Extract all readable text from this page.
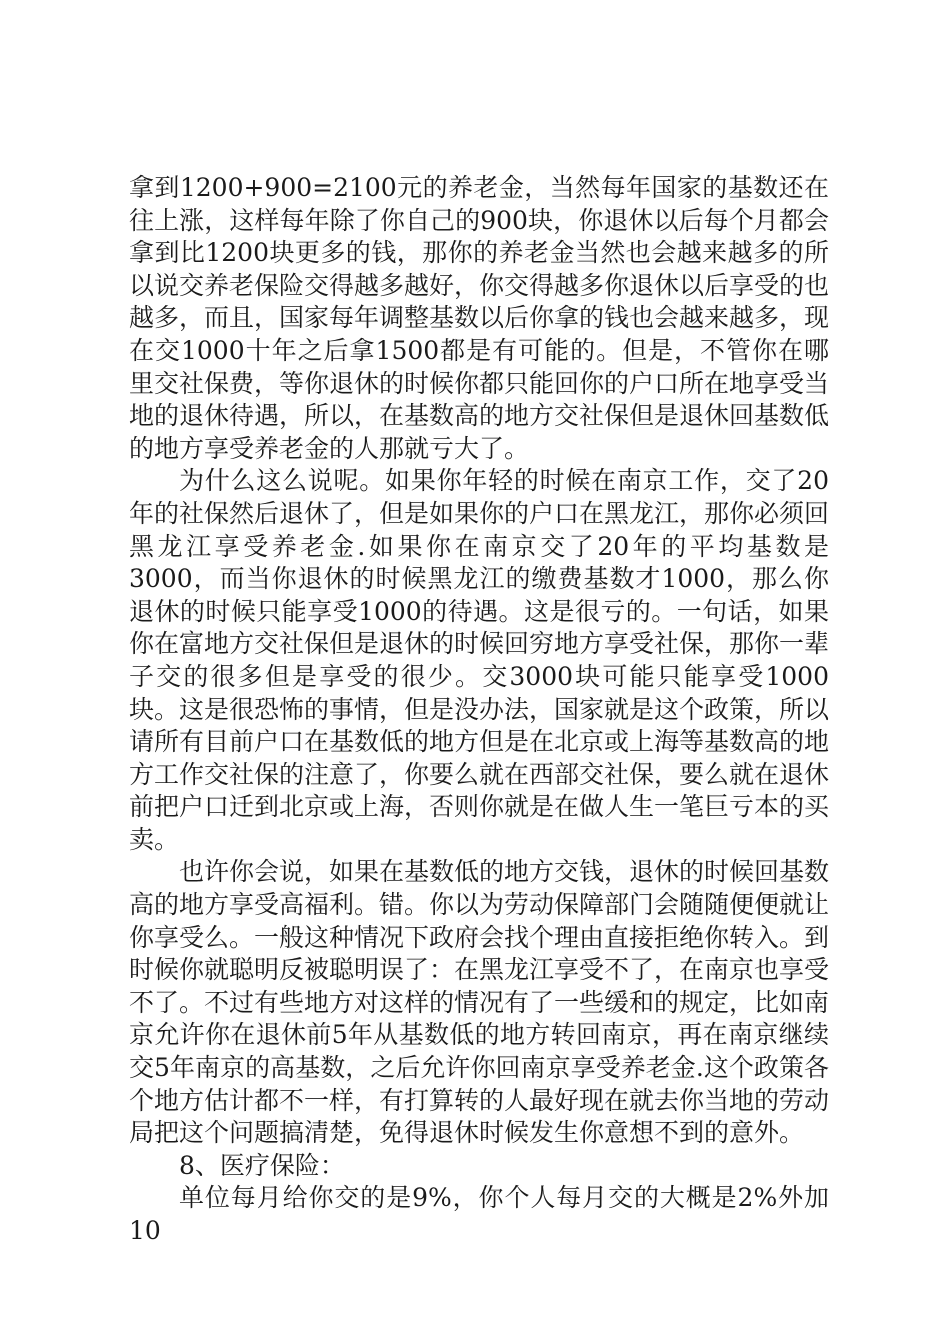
拿到1200+900=2100元的养老金，当然每年国家的基数还在往上涨，这样每年除了你自己的900块，你退休以后每个月都会拿到比1200块更多的钱，那你的养老金当然也会越来越多的所以说交养老保险交得越多越好，你交得越多你退休以后享受的也越多，而且，国家每年调整基数以后你拿的钱也会越来越多，现在交1000十年之后拿1500都是有可能的。但是，不管你在哪里交社保费，等你退休的时候你都只能回你的户口所在地享受当地的退休待遇，所以，在基数高的地方交社保但是退休回基数低的地方享受养老金的人那就亏大了。

为什么这么说呢。如果你年轻的时候在南京工作，交了20年的社保然后退休了，但是如果你的户口在黑龙江，那你必须回黑龙江享受养老金.如果你在南京交了20年的平均基数是3000，而当你退休的时候黑龙江的缴费基数才1000，那么你退休的时候只能享受1000的待遇。这是很亏的。一句话，如果你在富地方交社保但是退休的时候回穷地方享受社保，那你一辈子交的很多但是享受的很少。交3000块可能只能享受1000块。这是很恐怖的事情，但是没办法，国家就是这个政策，所以请所有目前户口在基数低的地方但是在北京或上海等基数高的地方工作交社保的注意了，你要么就在西部交社保，要么就在退休前把户口迁到北京或上海，否则你就是在做人生一笔巨亏本的买卖。

也许你会说，如果在基数低的地方交钱，退休的时候回基数高的地方享受高福利。错。你以为劳动保障部门会随随便便就让你享受么。一般这种情况下政府会找个理由直接拒绝你转入。到时候你就聪明反被聪明误了：在黑龙江享受不了，在南京也享受不了。不过有些地方对这样的情况有了一些缓和的规定，比如南京允许你在退休前5年从基数低的地方转回南京，再在南京继续交5年南京的高基数，之后允许你回南京享受养老金.这个政策各个地方估计都不一样，有打算转的人最好现在就去你当地的劳动局把这个问题搞清楚，免得退休时候发生你意想不到的意外。

8、医疗保险：

单位每月给你交的是9%，你个人每月交的大概是2%外加10
